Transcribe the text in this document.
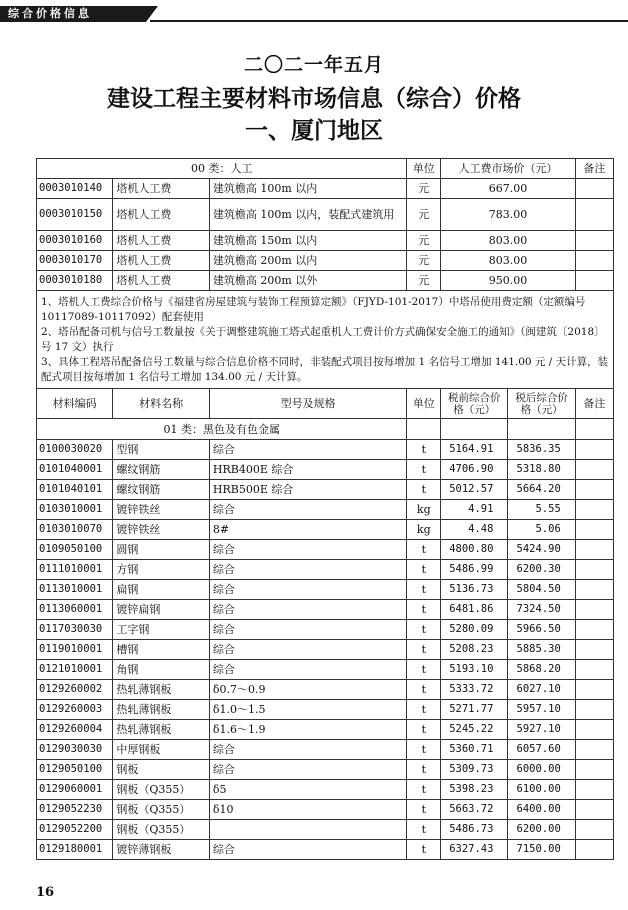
综合价格信息
二〇二一年五月
建设工程主要材料市场信息（综合）价格
一、厦门地区
00 类：人工			单位	人工费市场价（元）		备注
0003010140	塔机人工费	建筑檐高 100m 以内	元	667.00		
0003010150	塔机人工费	建筑檐高 100m 以内，装配式建筑用	元	783.00		
0003010160	塔机人工费	建筑檐高 150m 以内	元	803.00		
0003010170	塔机人工费	建筑檐高 200m 以内	元	803.00		
0003010180	塔机人工费	建筑檐高 200m 以外	元	950.00		

1、塔机人工费综合价格与《福建省房屋建筑与装饰工程预算定额》（FJYD-101-2017）中塔吊使用费定额（定额编号 10117089-10117092）配套使用
2、塔吊配备司机与信号工数量按《关于调整建筑施工塔式起重机人工费计价方式确保安全施工的通知》（闽建筑〔2018〕号 17 文）执行
3、具体工程塔吊配备信号工数量与综合信息价格不同时，非装配式项目按每增加 1 名信号工增加 141.00 元 / 天计算，装配式项目按每增加 1 名信号工增加 134.00 元 / 天计算。						

材料编码	材料名称	型号及规格	单位	税前综合价格（元）	税后综合价格（元）	备注
01 类：黑色及有色金属						
0100030020	型钢	综合	t	5164.91	5836.35	
0101040001	螺纹钢筋	HRB400E 综合	t	4706.90	5318.80	
0101040101	螺纹钢筋	HRB500E 综合	t	5012.57	5664.20	
0103010001	镀锌铁丝	综合	kg	4.91	5.55	
0103010070	镀锌铁丝	8#	kg	4.48	5.06	
0109050100	圆钢	综合	t	4800.80	5424.90	
0111010001	方钢	综合	t	5486.99	6200.30	
0113010001	扁钢	综合	t	5136.73	5804.50	
0113060001	镀锌扁钢	综合	t	6481.86	7324.50	
0117030030	工字钢	综合	t	5280.09	5966.50	
0119010001	槽钢	综合	t	5208.23	5885.30	
0121010001	角钢	综合	t	5193.10	5868.20	
0129260002	热轧薄钢板	δ0.7～0.9	t	5333.72	6027.10	
0129260003	热轧薄钢板	δ1.0～1.5	t	5271.77	5957.10	
0129260004	热轧薄钢板	δ1.6～1.9	t	5245.22	5927.10	
0129030030	中厚钢板	综合	t	5360.71	6057.60	
0129050100	钢板	综合	t	5309.73	6000.00	
0129060001	钢板（Q355）	δ5	t	5398.23	6100.00	
0129052230	钢板（Q355）	δ10	t	5663.72	6400.00	
0129052200	钢板（Q355）		t	5486.73	6200.00	
0129180001	镀锌薄钢板	综合	t	6327.43	7150.00	
16
